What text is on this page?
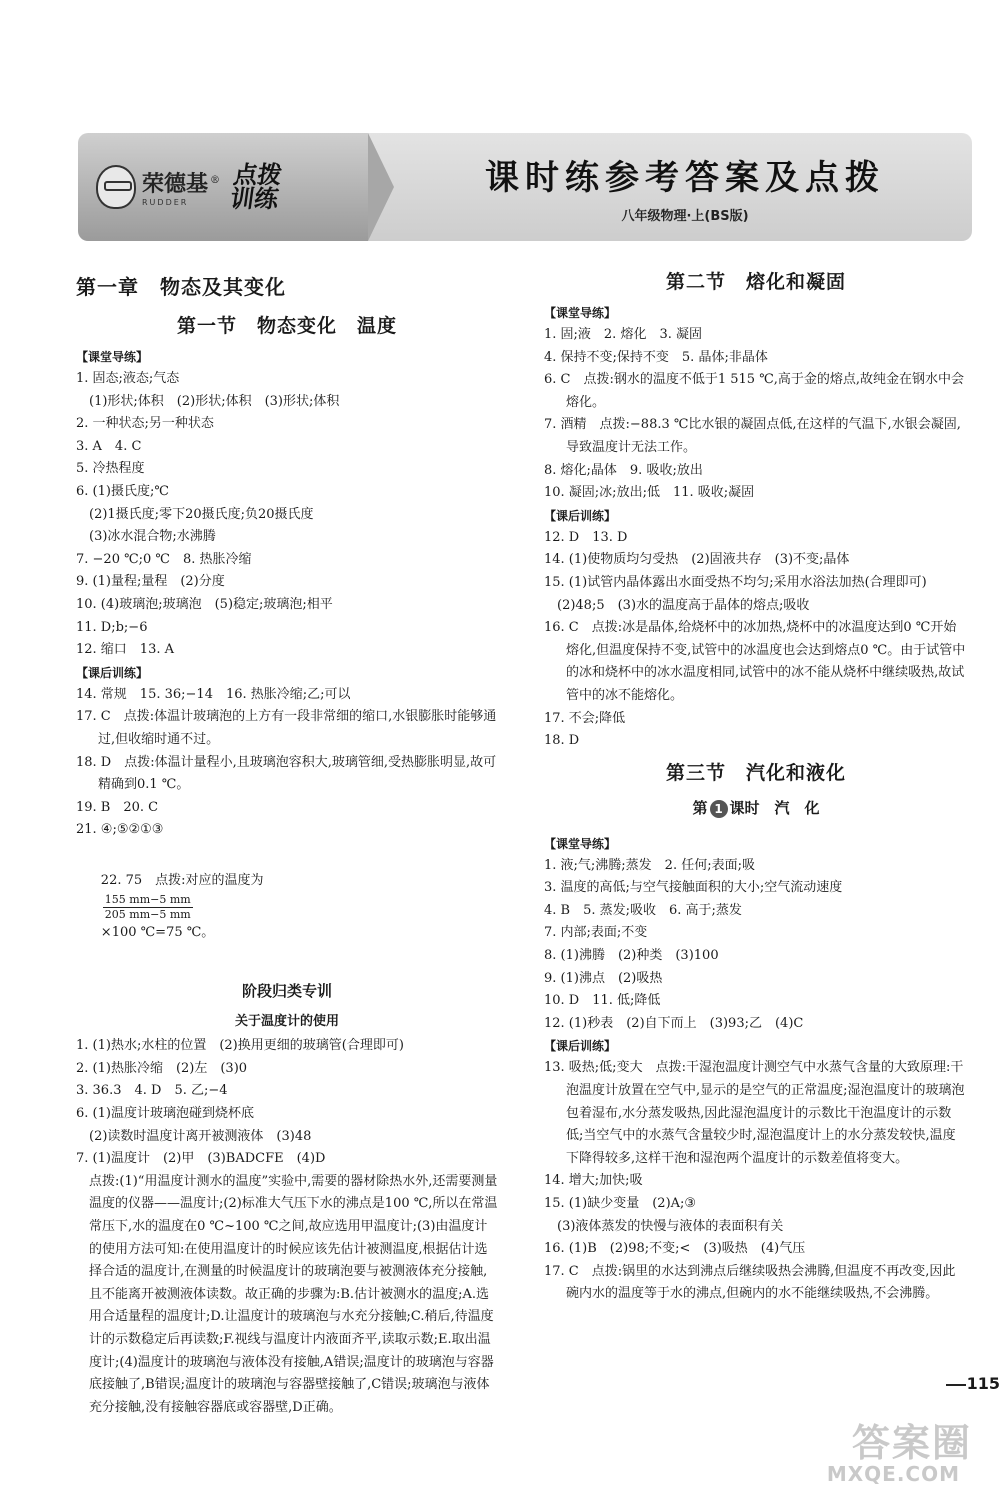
荣德基
RUDDER
® 点拨
训练
课时练参考答案及点拨
八年级物理·上(BS版)
第一章　物态及其变化
第一节　物态变化　温度
【课堂导练】
1. 固态;液态;气态
(1)形状;体积　(2)形状;体积　(3)形状;体积
2. 一种状态;另一种状态
3. A　4. C
5. 冷热程度
6. (1)摄氏度;℃
(2)1摄氏度;零下20摄氏度;负20摄氏度
(3)冰水混合物;水沸腾
7. −20 ℃;0 ℃　8. 热胀冷缩
9. (1)量程;量程　(2)分度
10. (4)玻璃泡;玻璃泡　(5)稳定;玻璃泡;相平
11. D;b;−6
12. 缩口　13. A
【课后训练】
14. 常规　15. 36;−14　16. 热胀冷缩;乙;可以
17. C　点拨:体温计玻璃泡的上方有一段非常细的缩口,水银膨胀时能够通过,但收缩时通不过。
18. D　点拨:体温计量程小,且玻璃泡容积大,玻璃管细,受热膨胀明显,故可精确到0.1 ℃。
19. B　20. C
21. ④;⑤②①③

22. 75　点拨:对应的温度为

$\frac{155 mm-5 mm}{205 mm-5 mm}$

×100 ℃=75 ℃。

阶段归类专训
关于温度计的使用
1. (1)热水;水柱的位置　(2)换用更细的玻璃管(合理即可)
2. (1)热胀冷缩　(2)左　(3)0
3. 36.3　4. D　5. 乙;−4
6. (1)温度计玻璃泡碰到烧杯底
(2)读数时温度计离开被测液体　(3)48
7. (1)温度计　(2)甲　(3)BADCFE　(4)D
点拨:(1)“用温度计测水的温度”实验中,需要的器材除热水外,还需要测量温度的仪器——温度计;(2)标准大气压下水的沸点是100 ℃,所以在常温常压下,水的温度在0 ℃~100 ℃之间,故应选用甲温度计;(3)由温度计的使用方法可知:在使用温度计的时候应该先估计被测温度,根据估计选择合适的温度计,在测量的时候温度计的玻璃泡要与被测液体充分接触,且不能离开被测液体读数。故正确的步骤为:B.估计被测水的温度;A.选用合适量程的温度计;D.让温度计的玻璃泡与水充分接触;C.稍后,待温度计的示数稳定后再读数;F.视线与温度计内液面齐平,读取示数;E.取出温度计;(4)温度计的玻璃泡与液体没有接触,A错误;温度计的玻璃泡与容器底接触了,B错误;温度计的玻璃泡与容器壁接触了,C错误;玻璃泡与液体充分接触,没有接触容器底或容器壁,D正确。
第二节　熔化和凝固
【课堂导练】
1. 固;液　2. 熔化　3. 凝固
4. 保持不变;保持不变　5. 晶体;非晶体
6. C　点拨:钢水的温度不低于1 515 ℃,高于金的熔点,故纯金在钢水中会熔化。
7. 酒精　点拨:−88.3 ℃比水银的凝固点低,在这样的气温下,水银会凝固,导致温度计无法工作。
8. 熔化;晶体　9. 吸收;放出
10. 凝固;冰;放出;低　11. 吸收;凝固
【课后训练】
12. D　13. D
14. (1)使物质均匀受热　(2)固液共存　(3)不变;晶体
15. (1)试管内晶体露出水面受热不均匀;采用水浴法加热(合理即可)
(2)48;5　(3)水的温度高于晶体的熔点;吸收
16. C　点拨:冰是晶体,给烧杯中的冰加热,烧杯中的冰温度达到0 ℃开始熔化,但温度保持不变,试管中的冰温度也会达到熔点0 ℃。由于试管中的冰和烧杯中的冰水温度相同,试管中的冰不能从烧杯中继续吸热,故试管中的冰不能熔化。
17. 不会;降低
18. D
第三节　汽化和液化
第 1 课时　汽　化
【课堂导练】
1. 液;气;沸腾;蒸发　2. 任何;表面;吸
3. 温度的高低;与空气接触面积的大小;空气流动速度
4. B　5. 蒸发;吸收　6. 高于;蒸发
7. 内部;表面;不变
8. (1)沸腾　(2)种类　(3)100
9. (1)沸点　(2)吸热
10. D　11. 低;降低
12. (1)秒表　(2)自下而上　(3)93;乙　(4)C
【课后训练】
13. 吸热;低;变大　点拨:干湿泡温度计测空气中水蒸气含量的大致原理:干泡温度计放置在空气中,显示的是空气的正常温度;湿泡温度计的玻璃泡包着湿布,水分蒸发吸热,因此湿泡温度计的示数比干泡温度计的示数低;当空气中的水蒸气含量较少时,湿泡温度计上的水分蒸发较快,温度下降得较多,这样干泡和湿泡两个温度计的示数差值将变大。
14. 增大;加快;吸
15. (1)缺少变量　(2)A;③
(3)液体蒸发的快慢与液体的表面积有关
16. (1)B　(2)98;不变;<　(3)吸热　(4)气压
17. C　点拨:锅里的水达到沸点后继续吸热会沸腾,但温度不再改变,因此碗内水的温度等于水的沸点,但碗内的水不能继续吸热,不会沸腾。
115
答案圈
MXQE.COM
